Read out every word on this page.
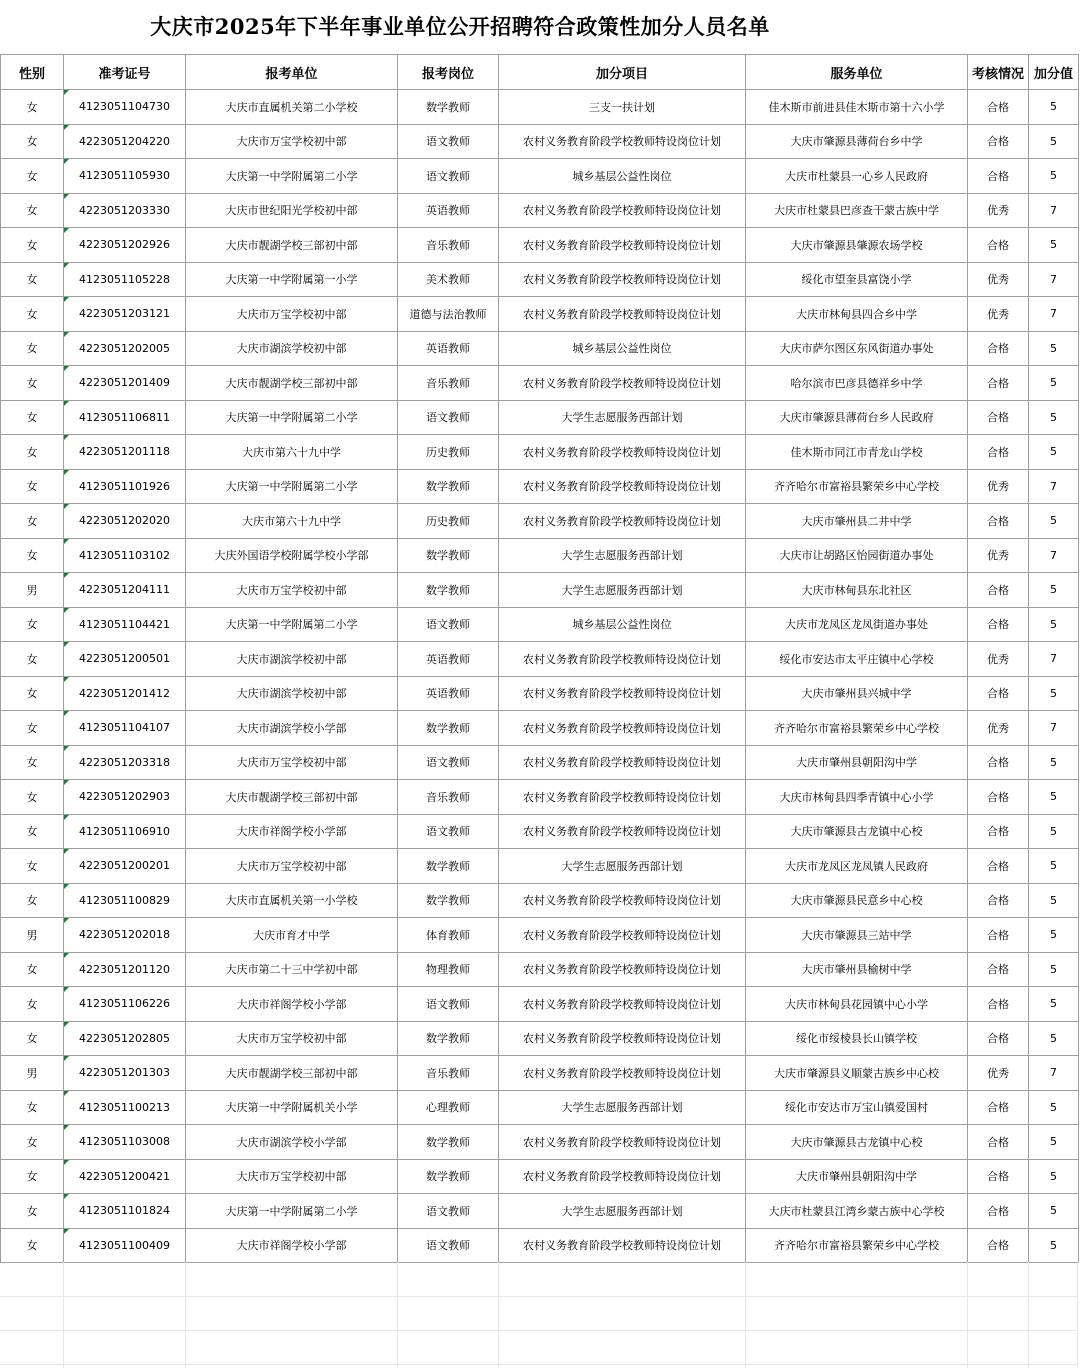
大庆市2025年下半年事业单位公开招聘符合政策性加分人员名单
性别	准考证号	报考单位	报考岗位	加分项目	服务单位	考核情况	加分值
女	4123051104730	大庆市直属机关第二小学校	数学教师	三支一扶计划	佳木斯市前进县佳木斯市第十六小学	合格	5
女	4223051204220	大庆市万宝学校初中部	语文教师	农村义务教育阶段学校教师特设岗位计划	大庆市肇源县薄荷台乡中学	合格	5
女	4123051105930	大庆第一中学附属第二小学	语文教师	城乡基层公益性岗位	大庆市杜蒙县一心乡人民政府	合格	5
女	4223051203330	大庆市世纪阳光学校初中部	英语教师	农村义务教育阶段学校教师特设岗位计划	大庆市杜蒙县巴彦查干蒙古族中学	优秀	7
女	4223051202926	大庆市靓湖学校三部初中部	音乐教师	农村义务教育阶段学校教师特设岗位计划	大庆市肇源县肇源农场学校	合格	5
女	4123051105228	大庆第一中学附属第一小学	美术教师	农村义务教育阶段学校教师特设岗位计划	绥化市望奎县富饶小学	优秀	7
女	4223051203121	大庆市万宝学校初中部	道德与法治教师	农村义务教育阶段学校教师特设岗位计划	大庆市林甸县四合乡中学	优秀	7
女	4223051202005	大庆市湖滨学校初中部	英语教师	城乡基层公益性岗位	大庆市萨尔图区东风街道办事处	合格	5
女	4223051201409	大庆市靓湖学校三部初中部	音乐教师	农村义务教育阶段学校教师特设岗位计划	哈尔滨市巴彦县德祥乡中学	合格	5
女	4123051106811	大庆第一中学附属第二小学	语文教师	大学生志愿服务西部计划	大庆市肇源县薄荷台乡人民政府	合格	5
女	4223051201118	大庆市第六十九中学	历史教师	农村义务教育阶段学校教师特设岗位计划	佳木斯市同江市青龙山学校	合格	5
女	4123051101926	大庆第一中学附属第二小学	数学教师	农村义务教育阶段学校教师特设岗位计划	齐齐哈尔市富裕县繁荣乡中心学校	优秀	7
女	4223051202020	大庆市第六十九中学	历史教师	农村义务教育阶段学校教师特设岗位计划	大庆市肇州县二井中学	合格	5
女	4123051103102	大庆外国语学校附属学校小学部	数学教师	大学生志愿服务西部计划	大庆市让胡路区怡园街道办事处	优秀	7
男	4223051204111	大庆市万宝学校初中部	数学教师	大学生志愿服务西部计划	大庆市林甸县东北社区	合格	5
女	4123051104421	大庆第一中学附属第二小学	语文教师	城乡基层公益性岗位	大庆市龙凤区龙凤街道办事处	合格	5
女	4223051200501	大庆市湖滨学校初中部	英语教师	农村义务教育阶段学校教师特设岗位计划	绥化市安达市太平庄镇中心学校	优秀	7
女	4223051201412	大庆市湖滨学校初中部	英语教师	农村义务教育阶段学校教师特设岗位计划	大庆市肇州县兴城中学	合格	5
女	4123051104107	大庆市湖滨学校小学部	数学教师	农村义务教育阶段学校教师特设岗位计划	齐齐哈尔市富裕县繁荣乡中心学校	优秀	7
女	4223051203318	大庆市万宝学校初中部	语文教师	农村义务教育阶段学校教师特设岗位计划	大庆市肇州县朝阳沟中学	合格	5
女	4223051202903	大庆市靓湖学校三部初中部	音乐教师	农村义务教育阶段学校教师特设岗位计划	大庆市林甸县四季青镇中心小学	合格	5
女	4123051106910	大庆市祥阁学校小学部	语文教师	农村义务教育阶段学校教师特设岗位计划	大庆市肇源县古龙镇中心校	合格	5
女	4223051200201	大庆市万宝学校初中部	数学教师	大学生志愿服务西部计划	大庆市龙凤区龙凤镇人民政府	合格	5
女	4123051100829	大庆市直属机关第一小学校	数学教师	农村义务教育阶段学校教师特设岗位计划	大庆市肇源县民意乡中心校	合格	5
男	4223051202018	大庆市育才中学	体育教师	农村义务教育阶段学校教师特设岗位计划	大庆市肇源县三站中学	合格	5
女	4223051201120	大庆市第二十三中学初中部	物理教师	农村义务教育阶段学校教师特设岗位计划	大庆市肇州县榆树中学	合格	5
女	4123051106226	大庆市祥阁学校小学部	语文教师	农村义务教育阶段学校教师特设岗位计划	大庆市林甸县花园镇中心小学	合格	5
女	4223051202805	大庆市万宝学校初中部	数学教师	农村义务教育阶段学校教师特设岗位计划	绥化市绥棱县长山镇学校	合格	5
男	4223051201303	大庆市靓湖学校三部初中部	音乐教师	农村义务教育阶段学校教师特设岗位计划	大庆市肇源县义顺蒙古族乡中心校	优秀	7
女	4123051100213	大庆第一中学附属机关小学	心理教师	大学生志愿服务西部计划	绥化市安达市万宝山镇爱国村	合格	5
女	4123051103008	大庆市湖滨学校小学部	数学教师	农村义务教育阶段学校教师特设岗位计划	大庆市肇源县古龙镇中心校	合格	5
女	4223051200421	大庆市万宝学校初中部	数学教师	农村义务教育阶段学校教师特设岗位计划	大庆市肇州县朝阳沟中学	合格	5
女	4123051101824	大庆第一中学附属第二小学	语文教师	大学生志愿服务西部计划	大庆市杜蒙县江湾乡蒙古族中心学校	合格	5
女	4123051100409	大庆市祥阁学校小学部	语文教师	农村义务教育阶段学校教师特设岗位计划	齐齐哈尔市富裕县繁荣乡中心学校	合格	5
